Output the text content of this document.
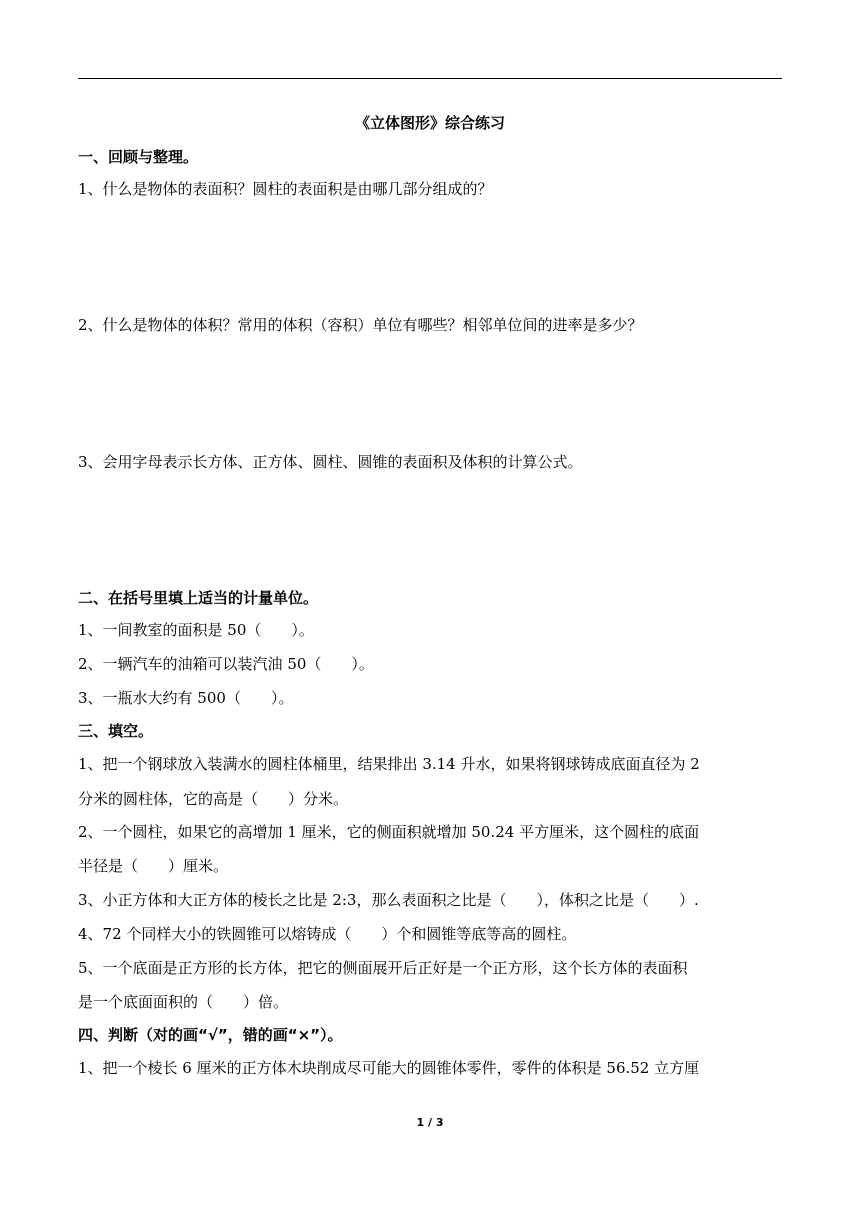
《立体图形》综合练习
一、回顾与整理。
1、什么是物体的表面积？圆柱的表面积是由哪几部分组成的？
2、什么是物体的体积？常用的体积（容积）单位有哪些？相邻单位间的进率是多少？
3、会用字母表示长方体、正方体、圆柱、圆锥的表面积及体积的计算公式。
二、在括号里填上适当的计量单位。
1、一间教室的面积是 50（　　）。
2、一辆汽车的油箱可以装汽油 50（　　）。
3、一瓶水大约有 500（　　）。
三、填空。
1、把一个钢球放入装满水的圆柱体桶里，结果排出 3.14 升水，如果将钢球铸成底面直径为 2
分米的圆柱体，它的高是（　　）分米。
2、一个圆柱，如果它的高增加 1 厘米，它的侧面积就增加 50.24 平方厘米，这个圆柱的底面
半径是（　　）厘米。
3、小正方体和大正方体的棱长之比是 2:3，那么表面积之比是（　　），体积之比是（　　）.
4、72 个同样大小的铁圆锥可以熔铸成（　　）个和圆锥等底等高的圆柱。
5、一个底面是正方形的长方体，把它的侧面展开后正好是一个正方形，这个长方体的表面积
是一个底面面积的（　　）倍。
四、判断（对的画“√”，错的画“×”）。
1、把一个棱长 6 厘米的正方体木块削成尽可能大的圆锥体零件，零件的体积是 56.52 立方厘
1 / 3
